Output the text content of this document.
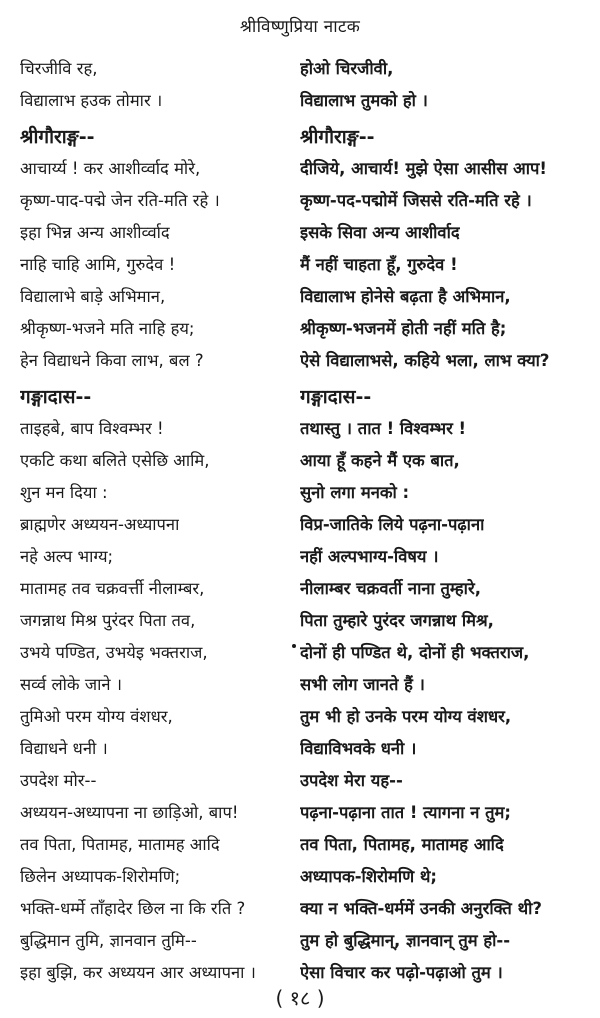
श्रीविष्णुप्रिया नाटक
चिरजीवि रह,
विद्यालाभ हउक तोमार ।
श्रीगौराङ्ग--
आचार्य्य ! कर आशीर्व्वाद मोरे,
कृष्ण-पाद-पद्मे जेन रति-मति रहे ।
इहा भिन्न अन्य आशीर्व्वाद
नाहि चाहि आमि, गुरुदेव !
विद्यालाभे बाड़े अभिमान,
श्रीकृष्ण-भजने मति नाहि हय;
हेन विद्याधने किवा लाभ, बल ?
गङ्गादास--
ताइहबे, बाप विश्वम्भर !
एकटि कथा बलिते एसेछि आमि,
शुन मन दिया :
ब्राह्मणेर अध्ययन-अध्यापना
नहे अल्प भाग्य;
मातामह तव चक्रवर्त्ती नीलाम्बर,
जगन्नाथ मिश्र पुरंदर पिता तव,
उभये पण्डित, उभयेइ भक्तराज,
सर्व्व लोके जाने ।
तुमिओ परम योग्य वंशधर,
विद्याधने धनी ।
उपदेश मोर--
अध्ययन-अध्यापना ना छाड़िओ, बाप!
तव पिता, पितामह, मातामह आदि
छिलेन अध्यापक-शिरोमणि;
भक्ति-धर्म्मे ताँहादेर छिल ना कि रति ?
बुद्धिमान तुमि, ज्ञानवान तुमि--
इहा बुझि, कर अध्ययन आर अध्यापना ।
होओ चिरजीवी,
विद्यालाभ तुमको हो ।
श्रीगौराङ्ग--
दीजिये, आचार्य! मुझे ऐसा आसीस आप!
कृष्ण-पद-पद्मोमें जिससे रति-मति रहे ।
इसके सिवा अन्य आशीर्वाद
मैं नहीं चाहता हूँ, गुरुदेव !
विद्यालाभ होनेसे बढ़ता है अभिमान,
श्रीकृष्ण-भजनमें होती नहीं मति है;
ऐसे विद्यालाभसे, कहिये भला, लाभ क्या?
गङ्गादास--
तथास्तु । तात ! विश्वम्भर !
आया हूँ कहने मैं एक बात,
सुनो लगा मनको :
विप्र-जातिके लिये पढ़ना-पढ़ाना
नहीं अल्पभाग्य-विषय ।
नीलाम्बर चक्रवर्ती नाना तुम्हारे,
पिता तुम्हारे पुरंदर जगन्नाथ मिश्र,
दोनों ही पण्डित थे, दोनों ही भक्तराज,
सभी लोग जानते हैं ।
तुम भी हो उनके परम योग्य वंशधर,
विद्याविभवके धनी ।
उपदेश मेरा यह--
पढ़ना-पढ़ाना तात ! त्यागना न तुम;
तव पिता, पितामह, मातामह आदि
अध्यापक-शिरोमणि थे;
क्या न भक्ति-धर्ममें उनकी अनुरक्ति थी?
तुम हो बुद्धिमान्, ज्ञानवान् तुम हो--
ऐसा विचार कर पढ़ो-पढ़ाओ तुम ।
( १८ )
